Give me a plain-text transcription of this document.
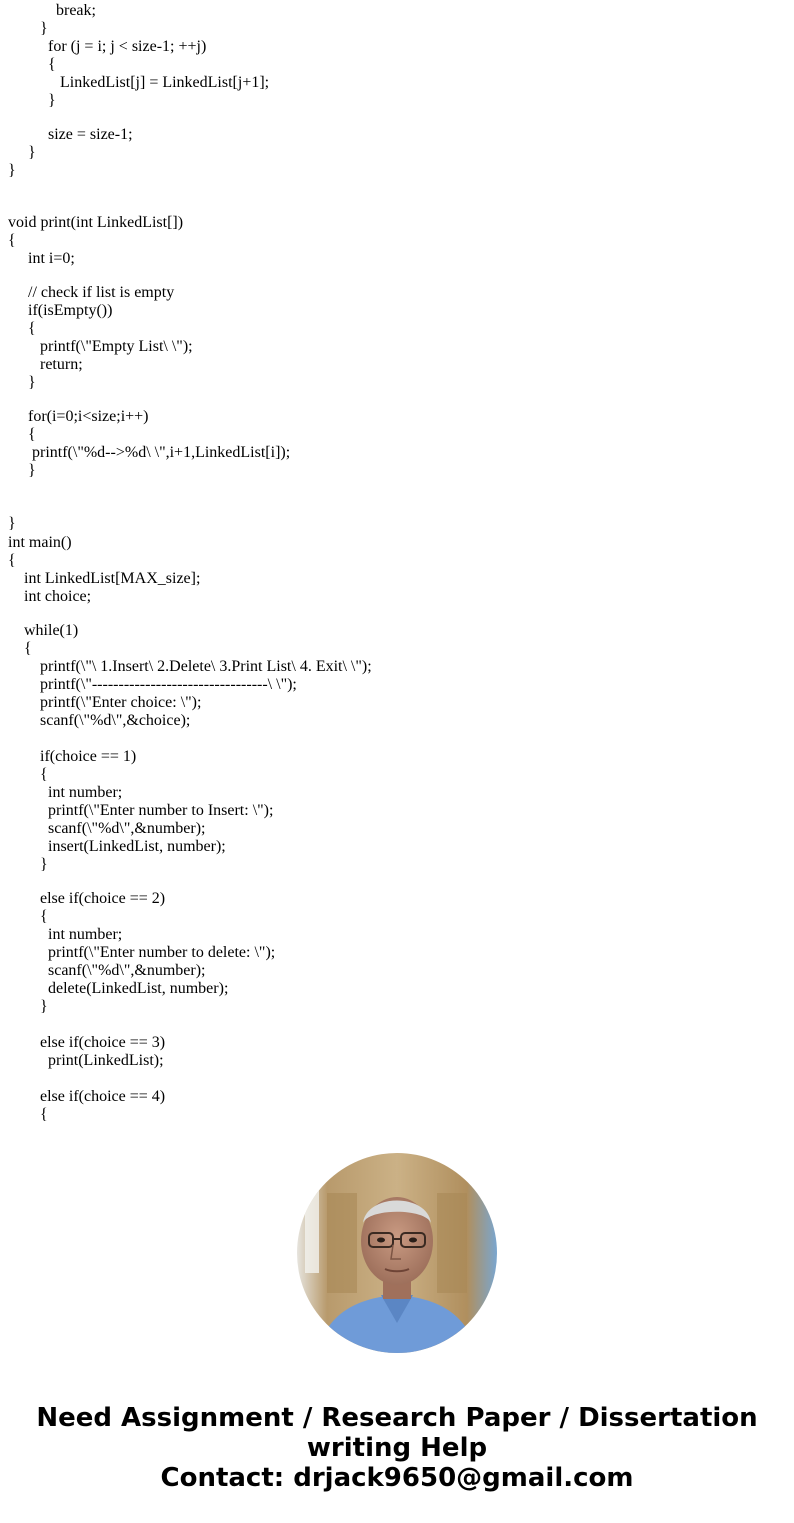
break;
}
for (j = i; j < size-1; ++j)
{
LinkedList[j] = LinkedList[j+1];
}
size = size-1;
}
}
void print(int LinkedList[])
{
int i=0;
// check if list is empty
if(isEmpty())
{
printf(\"Empty List\ \");
return;
}
for(i=0;i<size;i++)
{
printf(\"%d-->%d\ \",i+1,LinkedList[i]);
}
}
int main()
{
int LinkedList[MAX_size];
int choice;
while(1)
{
printf(\"\ 1.Insert\ 2.Delete\ 3.Print List\ 4. Exit\ \");
printf(\"---------------------------------\ \");
printf(\"Enter choice: \");
scanf(\"%d\",&choice);
if(choice == 1)
{
int number;
printf(\"Enter number to Insert: \");
scanf(\"%d\",&number);
insert(LinkedList, number);
}
else if(choice == 2)
{
int number;
printf(\"Enter number to delete: \");
scanf(\"%d\",&number);
delete(LinkedList, number);
}
else if(choice == 3)
print(LinkedList);
else if(choice == 4)
{
Need Assignment / Research Paper / Dissertation
writing Help
Contact: drjack9650@gmail.com
